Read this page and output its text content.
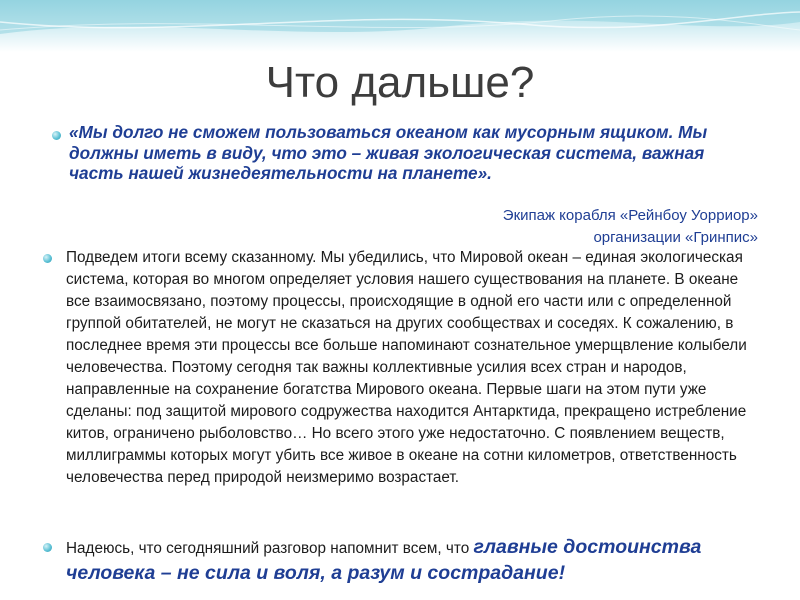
Что дальше?

«Мы долго не сможем пользоваться океаном как мусорным ящиком. Мы должны иметь в виду, что это – живая экологическая система, важная часть нашей жизнедеятельности на планете».

Экипаж корабля «Рейнбоу Уорриор»
организации «Гринпис»

Подведем итоги всему сказанному. Мы убедились, что Мировой океан – единая экологическая система, которая во многом определяет условия нашего существования на планете. В океане все взаимосвязано, поэтому процессы, происходящие в одной его части или с определенной группой обитателей, не могут не сказаться на других сообществах и соседях. К сожалению, в последнее время эти процессы все больше напоминают сознательное умерщвление колыбели человечества. Поэтому сегодня так важны коллективные усилия всех стран и народов, направленные на сохранение богатства Мирового океана. Первые шаги на этом пути уже сделаны: под защитой мирового содружества находится Антарктида, прекращено истребление китов, ограничено рыболовство… Но всего этого уже недостаточно. С появлением веществ, миллиграммы которых могут убить все живое в океане на сотни километров, ответственность человечества перед природой неизмеримо возрастает.

Надеюсь, что сегодняшний разговор напомнит всем, что главные достоинства человека – не сила и воля, а разум и сострадание!
